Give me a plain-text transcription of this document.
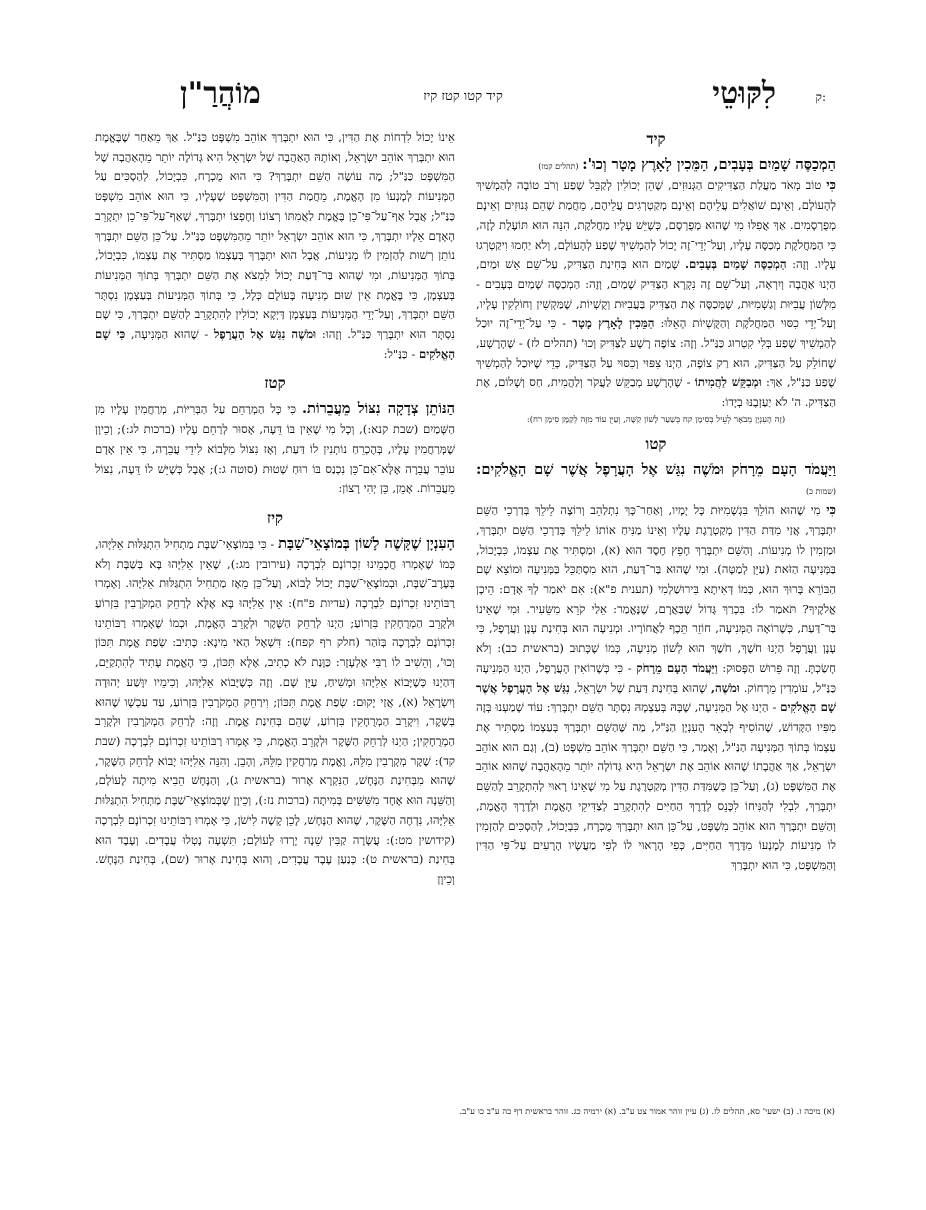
ק:
לִקּוּטֵי
קיד קטו קטז קיז
מוֹהֲרַ"ן
קיד

הַמְכַסֶּה שָׁמַיִם בְּעָבִים, הַמֵּכִין לָאָרֶץ מָטָר וְכוּ': (תהלים קמז)
כִּי טוֹב מְאֹד מַעֲלַת הַצַּדִּיקִים הַגְּנוּזִים, שֶׁהֵן יְכוֹלִין לְקַבֵּל שֶׁפַע וְרֹב טוֹבָה לְהַמְשִׁיךְ לְהָעוֹלָם, וְאֵינָם שׁוֹאֲלִים עֲלֵיהֶם וְאֵינָם מְקַטְרְגִים עֲלֵיהֶם, מֵחֲמַת שֶׁהֵם גְּנוּזִים וְאֵינָם מְפֻרְסָמִים. אַךְ אֲפִלּוּ מִי שֶׁהוּא מְפֻרְסָם, כְּשֶׁיֵּשׁ עָלָיו מַחֲלֹקֶת, הִנֵּה הוּא תּוֹעֶלֶת לָזֶה, כִּי הַמַּחֲלֹקֶת מְכַסָּה עָלָיו, וְעַל־יְדֵי־זֶה יָכוֹל לְהַמְשִׁיךְ שֶׁפַע לְהָעוֹלָם, וְלֹא יַחְמוּ וִיקַטְרְגוּ עָלָיו. וְזֶה: הַמְכַסֶּה שָׁמַיִם בְּעָבִים. שָׁמַיִם הוּא בְּחִינַת הַצַּדִּיק, עַל־שֵׁם אֵשׁ וּמַיִם, הַיְנוּ אַהֲבָה וְיִרְאָה, וְעַל־שֵׁם זֶה נִקְרָא הַצַּדִּיק שָׁמַיִם, וְזֶה: הַמְכַסֶּה שָׁמַיִם בְּעָבִים - מִלְּשׁוֹן עֲבִיּוּת וְגַשְׁמִיּוּת, שֶׁמְּכַסֶּה אֶת הַצַּדִּיק בַּעֲבִיּוּת וְקֻשְׁיוֹת, שֶׁמַּקְשִׁין וְחוֹלְקִין עָלָיו, וְעַל־יְדֵי כִסּוּי הַמַּחֲלֹקֶת וְהַקֻּשְׁיוֹת הָאֵלּוּ: הַמֵּכִין לָאָרֶץ מָטָר - כִּי עַל־יְדֵי־זֶה יוּכַל לְהַמְשִׁיךְ שֶׁפַע בְּלִי קִטְרוּג כַּנַּ"ל. וְזֶה: צוֹפֶה רָשָׁע לַצַּדִּיק וְכוּ' (תהלים לז) - שֶׁהָרָשָׁע, שֶׁחוֹלֵק עַל הַצַּדִּיק, הוּא רַק צוֹפֶה, הַיְנוּ צִפּוּי וְכִסּוּי עַל הַצַּדִּיק, כְּדֵי שֶׁיּוּכַל לְהַמְשִׁיךְ שֶׁפַע כַּנַּ"ל, אַךְ: וּמְבַקֵּשׁ לַהֲמִיתוֹ - שֶׁהָרָשָׁע מְבַקֵּשׁ לַעֲקֹר וְלַהֲמִית, חַס וְשָׁלוֹם, אֶת הַצַּדִּיק. ה' לֹא יַעַזְבֶנּוּ בְיָדוֹ:

(זֶה הָעִנְיָן מְבֹאָר לְעֵיל בְּסִימָן קח בְּשַׁעַר לָשׁוֹן קַשָּׁה, וְעַיֵּן עוֹד מִזֶּה לְקַמָּן סִימָן רח):
קטו

וַיַּעֲמֹד הָעָם מֵרָחֹק וּמֹשֶׁה נִגַּשׁ אֶל הָעֲרָפֶל אֲשֶׁר שָׁם הָאֱלֹקִים: (שמות כ)
כִּי מִי שֶׁהוּא הוֹלֵךְ בִּגְשָׁמִיּוּת כָּל יָמָיו, וְאַחַר־כָּךְ נִתְלַהֵב וְרוֹצֶה לֵילֵךְ בְּדַרְכֵי הַשֵּׁם יִתְבָּרַךְ, אֲזַי מִדַּת הַדִּין מְקַטְרֶגֶת עָלָיו וְאֵינוֹ מַנִּיחַ אוֹתוֹ לֵילֵךְ בְּדַרְכֵי הַשֵּׁם יִתְבָּרַךְ, וּמַזְמִין לוֹ מְנִיעוֹת. וְהַשֵּׁם יִתְבָּרַךְ חָפֵץ חֶסֶד הוּא (א), וּמַסְתִּיר אֶת עַצְמוֹ, כִּבְיָכוֹל, בַּמְּנִיעָה הַזֹּאת (עַיֵּן לְמַטָּה). וּמִי שֶׁהוּא בַּר־דַּעַת, הוּא מִסְתַּכֵּל בַּמְּנִיעָה וּמוֹצֵא שָׁם הַבּוֹרֵא בָּרוּךְ הוּא, כְּמוֹ דְּאִיתָא בִּירוּשַׁלְמִי (תענית פ"א): אִם יֹאמַר לְךָ אָדָם: הֵיכָן אֱלֹקֶיךָ? תֹּאמַר לוֹ: בִּכְרַךְ גָּדוֹל שֶׁבַּאֲרָם, שֶׁנֶּאֱמַר: אֵלַי קֹרֵא מִשֵּׂעִיר. וּמִי שֶׁאֵינוֹ בַּר־דַּעַת, כְּשֶׁרוֹאֶה הַמְּנִיעָה, חוֹזֵר תֵּכֶף לַאֲחוֹרָיו. וּמְנִיעָה הוּא בְּחִינַת עָנָן וַעֲרָפֶל, כִּי עָנָן וַעֲרָפֶל הַיְנוּ חֹשֶׁךְ, חֹשֶׁךְ הוּא לְשׁוֹן מְנִיעָה, כְּמוֹ שֶׁכָּתוּב (בראשית כב): וְלֹא חָשַׂכְתָּ. וְזֶה פֵּרוּשׁ הַפָּסוּק: וַיַּעֲמֹד הָעָם מֵרָחֹק - כִּי כְּשֶׁרוֹאִין הָעֲרָפֶל, הַיְנוּ הַמְּנִיעָה כַּנַּ"ל, עוֹמְדִין מֵרָחוֹק. וּמֹשֶׁה, שֶׁהוּא בְּחִינַת דַּעַת שֶׁל יִשְׂרָאֵל, נִגַּשׁ אֶל הָעֲרָפֶל אֲשֶׁר שָׁם הָאֱלֹקִים - הַיְנוּ אֶל הַמְּנִיעָה, שֶׁבָּהּ בְּעַצְמָהּ נִסְתָּר הַשֵּׁם יִתְבָּרַךְ: עוֹד שָׁמַעְנוּ בְּזֶה מִפִּיו הַקָּדוֹשׁ, שֶׁהוֹסִיף לְבָאֵר הָעִנְיָן הַנַּ"ל, מַה שֶּׁהַשֵּׁם יִתְבָּרַךְ בְּעַצְמוֹ מַסְתִּיר אֶת עַצְמוֹ בְּתוֹךְ הַמְּנִיעָה הַנַּ"ל, וְאָמַר, כִּי הַשֵּׁם יִתְבָּרַךְ אוֹהֵב מִשְׁפָּט (ב), וְגַם הוּא אוֹהֵב יִשְׂרָאֵל, אַךְ אַהֲבָתוֹ שֶׁהוּא אוֹהֵב אֶת יִשְׂרָאֵל הִיא גְּדוֹלָה יוֹתֵר מֵהָאַהֲבָה שֶׁהוּא אוֹהֵב אֶת הַמִּשְׁפָּט (ג), וְעַל־כֵּן כְּשֶׁמִּדַּת הַדִּין מְקַטְרֶגֶת עַל מִי שֶׁאֵינוֹ רָאוּי לְהִתְקָרֵב לְהַשֵּׁם יִתְבָּרַךְ, לִבְלִי לְהַנִּיחוֹ לִכָּנֵס לְדֶרֶךְ הַחַיִּים לְהִתְקָרֵב לְצַדִּיקֵי הָאֱמֶת וּלְדֶרֶךְ הָאֱמֶת, וְהַשֵּׁם יִתְבָּרַךְ הוּא אוֹהֵב מִשְׁפָּט, עַל־כֵּן הוּא יִתְבָּרַךְ מֻכְרָח, כִּבְיָכוֹל, לְהַסְכִּים לְהַזְמִין לוֹ מְנִיעוֹת לְמָנְעוֹ מִדֶּרֶךְ הַחַיִּים, כְּפִי הָרָאוּי לוֹ לְפִי מַעֲשָׂיו הָרָעִים עַל־פִּי הַדִּין וְהַמִּשְׁפָּט, כִּי הוּא יִתְבָּרַךְ

אֵינוֹ יָכוֹל לִדְחוֹת אֶת הַדִּין, כִּי הוּא יִתְבָּרַךְ אוֹהֵב מִשְׁפָּט כַּנַּ"ל. אַךְ מֵאַחַר שֶׁבֶּאֱמֶת הוּא יִתְבָּרַךְ אוֹהֵב יִשְׂרָאֵל, וְאוֹתָהּ הָאַהֲבָה שֶׁל יִשְׂרָאֵל הִיא גְּדוֹלָה יוֹתֵר מֵהָאַהֲבָה שֶׁל הַמִּשְׁפָּט כַּנַּ"ל; מֶה עוֹשֶׂה הַשֵּׁם יִתְבָּרַךְ? כִּי הוּא מֻכְרָח, כִּבְיָכוֹל, לְהַסְכִּים עַל הַמְּנִיעוֹת לְמָנְעוֹ מִן הָאֱמֶת, מֵחֲמַת הַדִּין וְהַמִּשְׁפָּט שֶׁעָלָיו, כִּי הוּא אוֹהֵב מִשְׁפָּט כַּנַּ"ל; אֲבָל אַף־עַל־פִּי־כֵן בֶּאֱמֶת לַאֲמִתּוֹ רְצוֹנוֹ וְחֶפְצוֹ יִתְבָּרַךְ, שֶׁאַף־עַל־פִּי־כֵן יִתְקָרֵב הָאָדָם אֵלָיו יִתְבָּרַךְ, כִּי הוּא אוֹהֵב יִשְׂרָאֵל יוֹתֵר מֵהַמִּשְׁפָּט כַּנַּ"ל. עַל־כֵּן הַשֵּׁם יִתְבָּרַךְ נוֹתֵן רְשׁוּת לְהַזְמִין לוֹ מְנִיעוֹת, אֲבָל הוּא יִתְבָּרַךְ בְּעַצְמוֹ מַסְתִּיר אֶת עַצְמוֹ, כִּבְיָכוֹל, בְּתוֹךְ הַמְּנִיעוֹת, וּמִי שֶׁהוּא בַּר־דַּעַת יָכוֹל לִמְצֹא אֶת הַשֵּׁם יִתְבָּרַךְ בְּתוֹךְ הַמְּנִיעוֹת בְּעַצְמָן, כִּי בֶּאֱמֶת אֵין שׁוּם מְנִיעָה בָּעוֹלָם כְּלָל, כִּי בְּתוֹךְ הַמְּנִיעוֹת בְּעַצְמָן נִסְתָּר הַשֵּׁם יִתְבָּרַךְ, וְעַל־יְדֵי הַמְּנִיעוֹת בְּעַצְמָן דַּיְקָא יְכוֹלִין לְהִתְקָרֵב לְהַשֵּׁם יִתְבָּרַךְ, כִּי שָׁם נִסְתָּר הוּא יִתְבָּרַךְ כַּנַּ"ל. וְזֶהוּ: וּמֹשֶׁה נִגַּשׁ אֶל הָעֲרָפֶל - שֶׁהוּא הַמְּנִיעָה, כִּי שָׁם הָאֱלֹקִים - כַּנַּ"ל:

קטז

הַנּוֹתֵן צְדָקָה נִצּוֹל מֵעֲבֵרוֹת. כִּי כָּל הַמְרַחֵם עַל הַבְּרִיּוֹת, מְרַחֲמִין עָלָיו מִן הַשָּׁמַיִם (שבת קנא:), וְכָל מִי שֶׁאֵין בּוֹ דֵּעָה, אָסוּר לְרַחֵם עָלָיו (ברכות לג:); וְכֵיוָן שֶׁמְּרַחֲמִין עָלָיו, בְּהֶכְרֵחַ נוֹתְנִין לוֹ דַּעַת, וְאָז נִצּוֹל מִלָּבוֹא לִידֵי עֲבֵרָה, כִּי אֵין אָדָם עוֹבֵר עֲבֵרָה אֶלָּא־אִם־כֵּן נִכְנַס בּוֹ רוּחַ שְׁטוּת (סוטה ג:); אֲבָל כְּשֶׁיֵּשׁ לוֹ דֵּעָה, נִצּוֹל מֵעֲבֵרוֹת. אָמֵן, כֵּן יְהִי רָצוֹן:

קיז

הָעִנְיָן שֶׁקָּשֶׁה לָשׁוֹן בְּמוֹצָאֵי־שַׁבָּת - כִּי בְּמוֹצָאֵי־שַׁבָּת מַתְחִיל הִתְגַּלּוּת אֵלִיָּהוּ, כְּמוֹ שֶׁאָמְרוּ חֲכָמֵינוּ זִכְרוֹנָם לִבְרָכָה (עירובין מג:), שֶׁאֵין אֵלִיָּהוּ בָּא בְּשַׁבָּת וְלֹא בְּעֶרֶב־שַׁבָּת, וּבְמוֹצָאֵי־שַׁבָּת יָכוֹל לָבוֹא, וְעַל־כֵּן מֵאָז מַתְחִיל הִתְגַּלּוּת אֵלִיָּהוּ. וְאָמְרוּ רַבּוֹתֵינוּ זִכְרוֹנָם לִבְרָכָה (עדיות פ"ח): אֵין אֵלִיָּהוּ בָּא אֶלָּא לְרַחֵק הַמְקֹרָבִין בִּזְרוֹעַ וּלְקָרֵב הַמְרֻחָקִין בִּזְרוֹעַ; הַיְנוּ לְרַחֵק הַשֶּׁקֶר וּלְקָרֵב הָאֱמֶת, וּכְמוֹ שֶׁאָמְרוּ רַבּוֹתֵינוּ זִכְרוֹנָם לִבְרָכָה בְּזֹהַר (חלק רף קפח): דִּשְׁאָל הַאי מִינָא: כְּתִיב: שְׂפַת אֱמֶת תִּכּוֹן וְכוּ', וְהֵשִׁיב לוֹ רַבִּי אֶלְעָזָר: כַּוָּנַת לֹא כְתִיב, אֶלָּא תִּכּוֹן, כִּי הָאֱמֶת עָתִיד לְהִתְקַיֵּם, דְּהַיְנוּ כְּשֶׁיָּבוֹא אֵלִיָּהוּ וּמָשִׁיחַ, עַיֵּן שָׁם. וְזֶה כְּשֶׁיָּבוֹא אֵלִיָּהוּ, וְכִימֵיו יִוָּשַׁע יְהוּדָה וְיִשְׂרָאֵל (א), אֲזַי יָקוּם: שְׂפַת אֱמֶת תִּכּוֹן; וִירַחֵק הַמְקֹרָבִין בִּזְרוֹעַ, עַד עַכְשָׁו שֶׁהוּא בְּשֶׁקֶר, וִיקָרֵב הַמְרֻחָקִין בִּזְרוֹעַ, שֶׁהֵם בְּחִינַת אֱמֶת. וְזֶה: לְרַחֵק הַמְקֹרָבִין וּלְקָרֵב הַמְרֻחָקִין; הַיְנוּ לְרַחֵק הַשֶּׁקֶר וּלְקָרֵב הָאֱמֶת, כִּי אָמְרוּ רַבּוֹתֵינוּ זִכְרוֹנָם לִבְרָכָה (שבת קד): שֶׁקֶר מְקָרְבִין מִלֵּהּ, וֶאֱמֶת מְרַחֲקִין מִלֵּהּ, וְהָבֵן. וְהִנֵּה אֵלִיָּהוּ יָבוֹא לְרַחֵק הַשֶּׁקֶר, שֶׁהוּא מִבְּחִינַת הַנָּחָשׁ, הַנִּקְרָא אָרוּר (בראשית ג), וְהַנָּחָשׁ הֵבִיא מִיתָה לָעוֹלָם, וְהַשֵּׁנָה הוּא אֶחָד מִשִּׁשִּׁים בְּמִיתָה (ברכות נז:), וְכֵיוָן שֶׁבְּמוֹצָאֵי־שַׁבָּת מַתְחִיל הִתְגַּלּוּת אֵלִיָּהוּ, נִדְחֶה הַשֶּׁקֶר, שֶׁהוּא הַנָּחָשׁ, לָכֵן קָשֶׁה לִישֹׁן, כִּי אָמְרוּ רַבּוֹתֵינוּ זִכְרוֹנָם לִבְרָכָה (קידושין מט:): עֲשָׂרָה קַבִּין שֵׁנָה יָרְדוּ לָעוֹלָם; תִּשְׁעָה נָטְלוּ עֲבָדִים. וְעֶבֶד הוּא בְּחִינַת (בראשית ט): כְּנַעַן עֶבֶד עֲבָדִים, וְהוּא בְּחִינַת אָרוּר (שם), בְּחִינַת הַנָּחָשׁ. וְכֵיוָן

(א) מיכה ז. (ב) ישעי' סא, תהלים לז. (ג) עיין זוהר אמור צט ע"ב. (א) ירמיה כג. זוהר בראשית דף כה ע"ב כו ע"ב.
